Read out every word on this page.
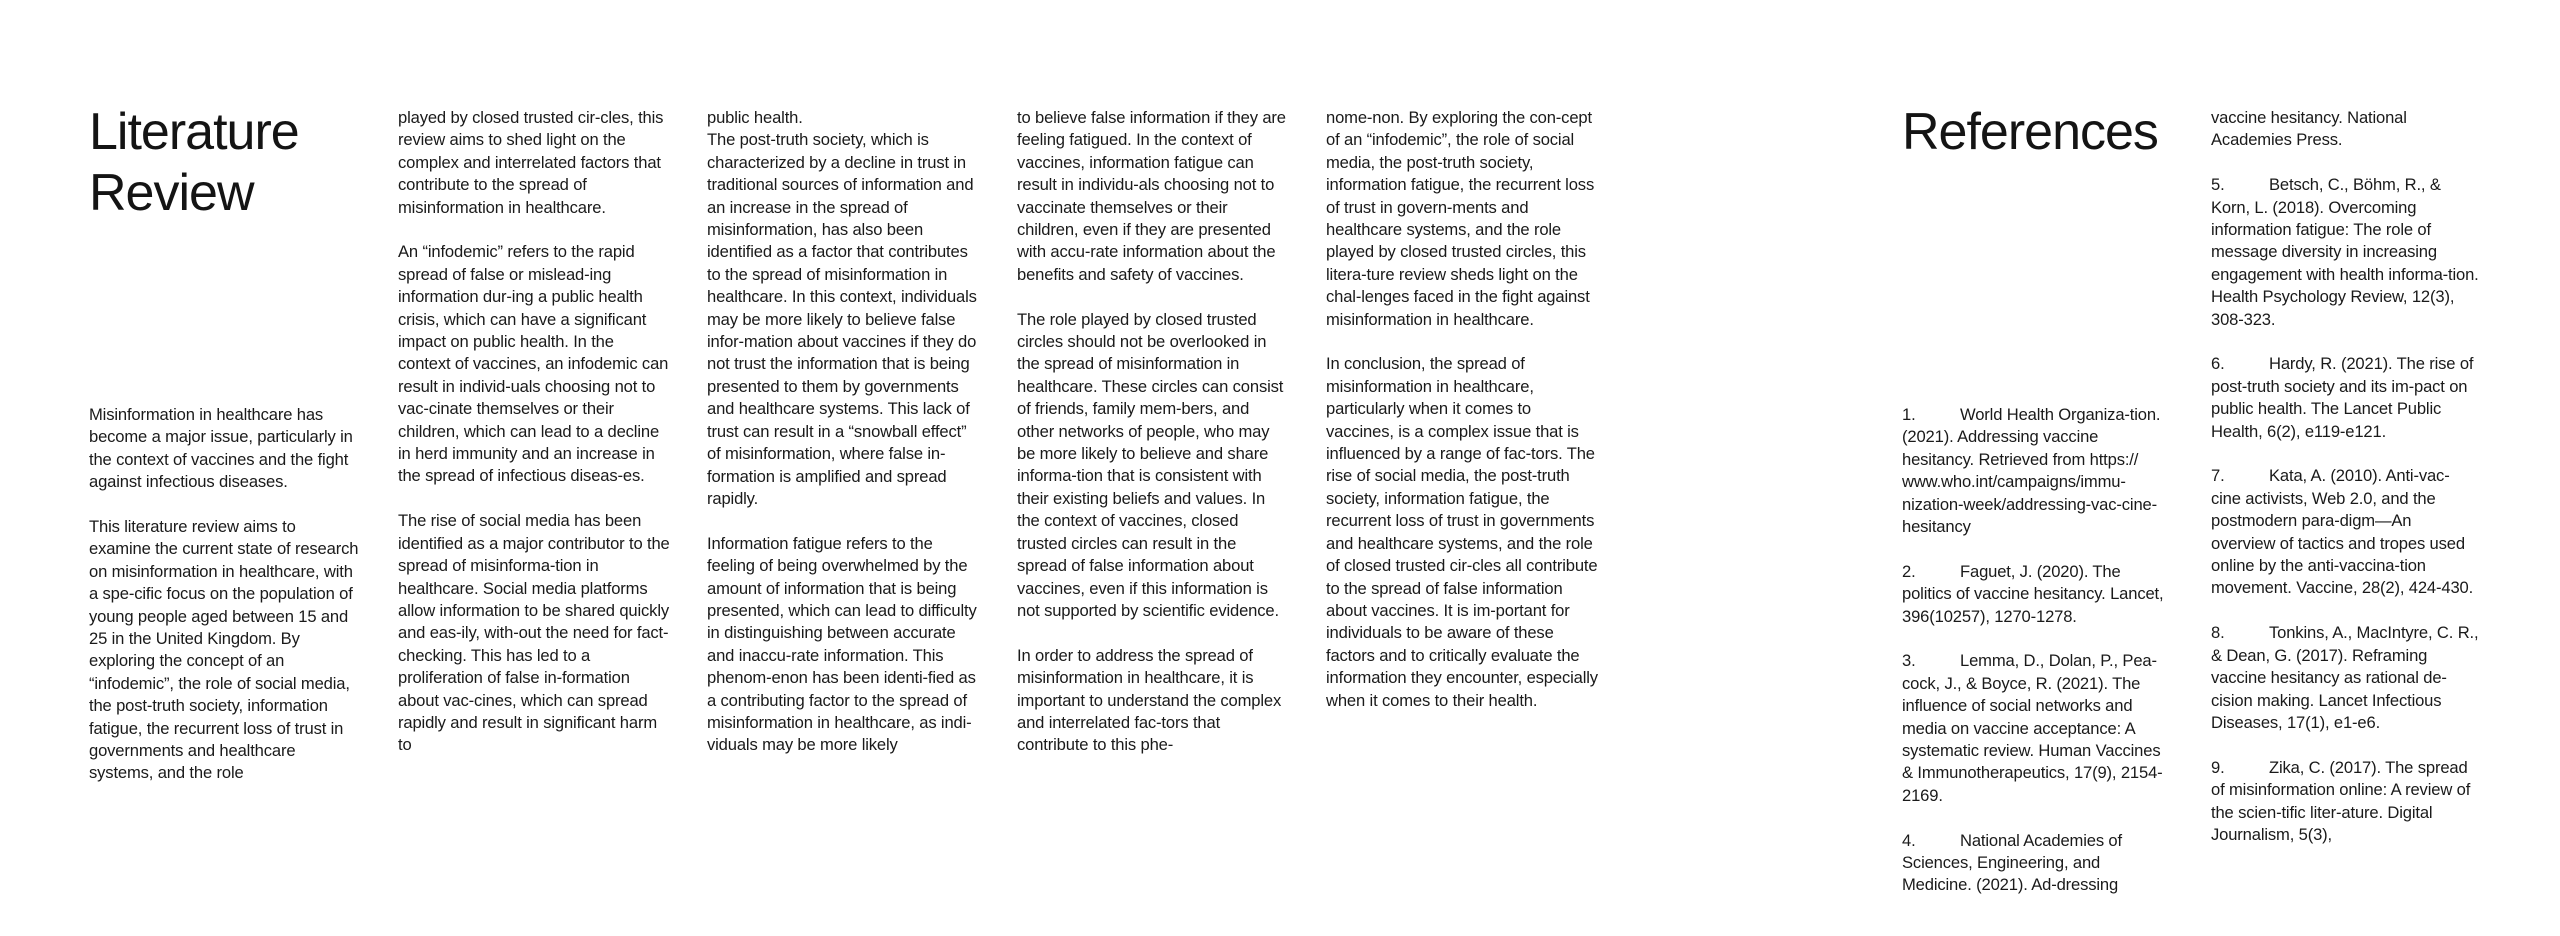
Literature
Review

Misinformation in healthcare has become a major issue, particularly in the context of vaccines and the fight against infectious diseases.

This literature review aims to examine the current state of research on misinformation in healthcare, with a spe-cific focus on the population of young people aged between 15 and 25 in the United Kingdom. By exploring the concept of an “infodemic”, the role of social media, the post-truth society, information fatigue, the recurrent loss of trust in governments and healthcare systems, and the role

played by closed trusted cir-cles, this review aims to shed light on the complex and interrelated factors that contribute to the spread of misinformation in healthcare.

An “infodemic” refers to the rapid spread of false or mislead-ing information dur-ing a public health crisis, which can have a significant impact on public health. In the context of vaccines, an infodemic can result in individ-uals choosing not to vac-cinate themselves or their children, which can lead to a decline in herd immunity and an increase in the spread of infectious diseas-es.

The rise of social media has been identified as a major contributor to the spread of misinforma-tion in healthcare. Social media platforms allow information to be shared quickly and eas-ily, with-out the need for fact-checking. This has led to a proliferation of false in-formation about vac-cines, which can spread rapidly and result in significant harm to

public health.

The post-truth society, which is characterized by a decline in trust in traditional sources of information and an increase in the spread of misinformation, has also been identified as a factor that contributes to the spread of misinformation in healthcare. In this context, individuals may be more likely to believe false infor-mation about vaccines if they do not trust the information that is being presented to them by governments and healthcare systems. This lack of trust can result in a “snowball effect” of misinformation, where false in-formation is amplified and spread rapidly.

Information fatigue refers to the feeling of being overwhelmed by the amount of information that is being presented, which can lead to difficulty in distinguishing between accurate and inaccu-rate information. This phenom-enon has been identi-fied as a contributing factor to the spread of misinformation in healthcare, as indi-viduals may be more likely

to believe false information if they are feeling fatigued. In the context of vaccines, information fatigue can result in individu-als choosing not to vaccinate themselves or their children, even if they are presented with accu-rate information about the benefits and safety of vaccines.

The role played by closed trusted circles should not be overlooked in the spread of misinformation in healthcare. These circles can consist of friends, family mem-bers, and other networks of people, who may be more likely to believe and share informa-tion that is consistent with their existing beliefs and values. In the context of vaccines, closed trusted circles can result in the spread of false information about vaccines, even if this information is not supported by scientific evidence.

In order to address the spread of misinformation in healthcare, it is important to understand the complex and interrelated fac-tors that contribute to this phe-

nome-non. By exploring the con-cept of an “infodemic”, the role of social media, the post-truth society, information fatigue, the recurrent loss of trust in govern-ments and healthcare systems, and the role played by closed trusted circles, this litera-ture review sheds light on the chal-lenges faced in the fight against misinformation in healthcare.

In conclusion, the spread of misinformation in healthcare, particularly when it comes to vaccines, is a complex issue that is influenced by a range of fac-tors. The rise of social media, the post-truth society, information fatigue, the recurrent loss of trust in governments and healthcare systems, and the role of closed trusted cir-cles all contribute to the spread of false information about vaccines. It is im-portant for individuals to be aware of these factors and to critically evaluate the information they encounter, especially when it comes to their health.

References

1.	World Health Organiza-tion. (2021). Addressing vaccine hesitancy. Retrieved from https:// www.who.int/campaigns/immu-nization-week/addressing-vac-cine-hesitancy

2.	Faguet, J. (2020). The politics of vaccine hesitancy. Lancet, 396(10257), 1270-1278.

3.	Lemma, D., Dolan, P., Pea-cock, J., & Boyce, R. (2021). The influence of social networks and media on vaccine acceptance: A systematic review. Human Vaccines & Immunotherapeutics, 17(9), 2154-2169.

4.	National Academies of Sciences, Engineering, and Medicine. (2021). Ad-dressing

vaccine hesitancy. National Academies Press.

5.	Betsch, C., Böhm, R., & Korn, L. (2018). Overcoming information fatigue: The role of message diversity in increasing engagement with health informa-tion. Health Psychology Review, 12(3), 308-323.

6.	Hardy, R. (2021). The rise of post-truth society and its im-pact on public health. The Lancet Public Health, 6(2), e119-e121.

7.	Kata, A. (2010). Anti-vac-cine activists, Web 2.0, and the postmodern para-digm—An overview of tactics and tropes used online by the anti-vaccina-tion movement. Vaccine, 28(2), 424-430.

8.	Tonkins, A., MacIntyre, C. R., & Dean, G. (2017). Reframing vaccine hesitancy as rational de-cision making. Lancet Infectious Diseases, 17(1), e1-e6.

9.	Zika, C. (2017). The spread of misinformation online: A review of the scien-tific liter-ature. Digital Journalism, 5(3),
